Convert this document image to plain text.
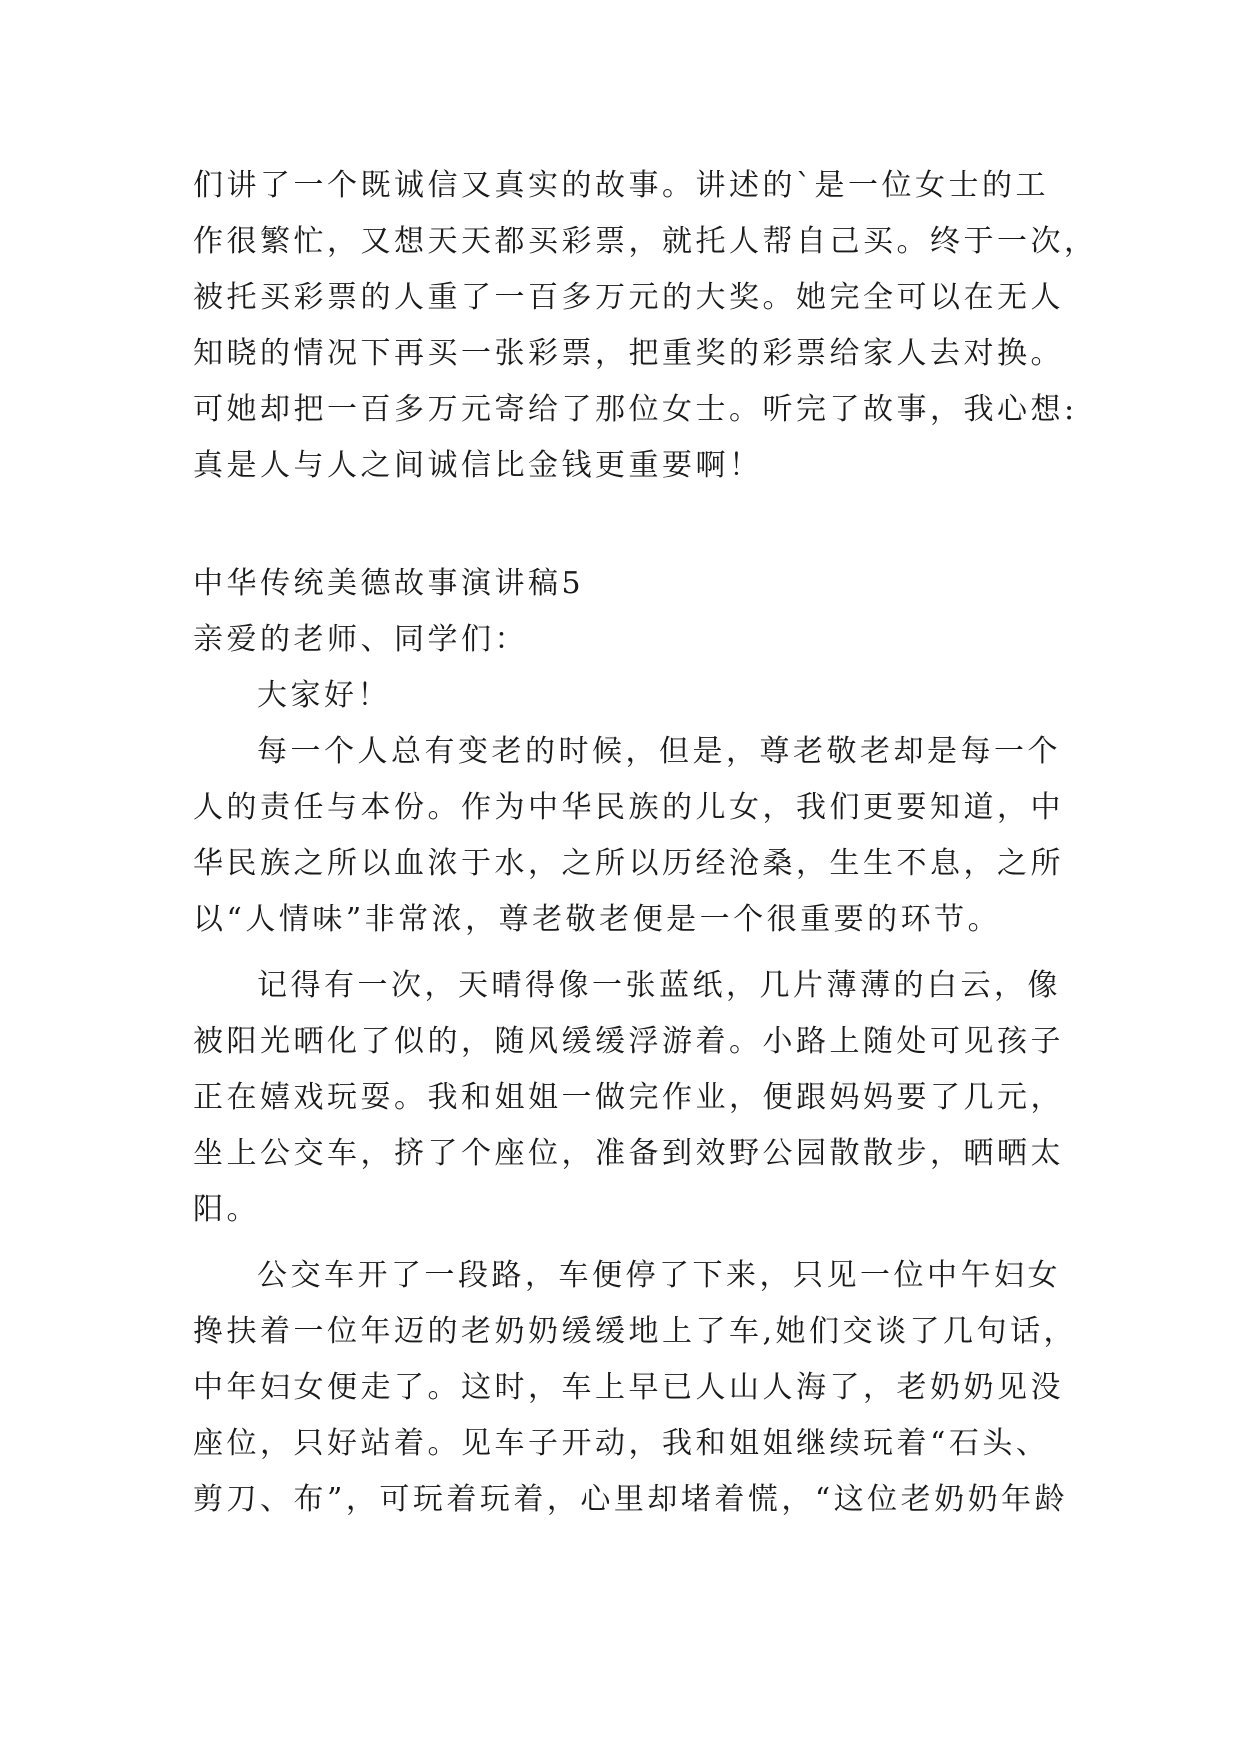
们讲了一个既诚信又真实的故事。讲述的`是一位女士的工
作很繁忙，又想天天都买彩票，就托人帮自己买。终于一次，
被托买彩票的人重了一百多万元的大奖。她完全可以在无人
知晓的情况下再买一张彩票，把重奖的彩票给家人去对换。
可她却把一百多万元寄给了那位女士。听完了故事，我心想:
真是人与人之间诚信比金钱更重要啊！
中华传统美德故事演讲稿5
亲爱的老师、同学们：
大家好！
每一个人总有变老的时候，但是，尊老敬老却是每一个
人的责任与本份。作为中华民族的儿女，我们更要知道，中
华民族之所以血浓于水，之所以历经沧桑，生生不息，之所
以“人情味”非常浓，尊老敬老便是一个很重要的环节。
记得有一次，天晴得像一张蓝纸，几片薄薄的白云，像
被阳光晒化了似的，随风缓缓浮游着。小路上随处可见孩子
正在嬉戏玩耍。我和姐姐一做完作业，便跟妈妈要了几元，
坐上公交车，挤了个座位，准备到效野公园散散步，晒晒太
阳。
公交车开了一段路，车便停了下来，只见一位中午妇女
搀扶着一位年迈的老奶奶缓缓地上了车,她们交谈了几句话，
中年妇女便走了。这时，车上早已人山人海了，老奶奶见没
座位，只好站着。见车子开动，我和姐姐继续玩着“石头、
剪刀、布”，可玩着玩着，心里却堵着慌，“这位老奶奶年龄
